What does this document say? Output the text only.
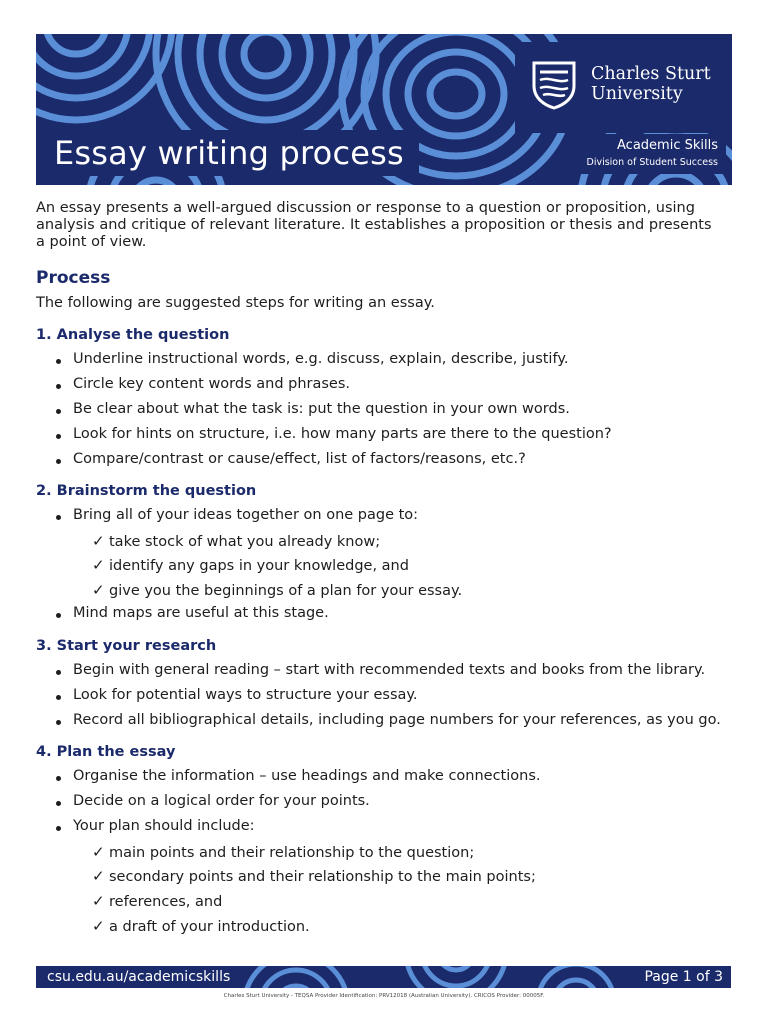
Charles Sturt
University
Essay writing process	Academic Skills
Division of Student Success

An essay presents a well-argued discussion or response to a question or proposition, using analysis and critique of relevant literature. It establishes a proposition or thesis and presents a point of view.

Process

The following are suggested steps for writing an essay.

1. Analyse the question

Underline instructional words, e.g. discuss, explain, describe, justify.

Circle key content words and phrases.

Be clear about what the task is: put the question in your own words.

Look for hints on structure, i.e. how many parts are there to the question?

Compare/contrast or cause/effect, list of factors/reasons, etc.?

2. Brainstorm the question

Bring all of your ideas together on one page to:

✓ take stock of what you already know;

✓ identify any gaps in your knowledge, and

✓ give you the beginnings of a plan for your essay.

Mind maps are useful at this stage.

3. Start your research

Begin with general reading – start with recommended texts and books from the library.

Look for potential ways to structure your essay.

Record all bibliographical details, including page numbers for your references, as you go.

4. Plan the essay

Organise the information – use headings and make connections.

Decide on a logical order for your points.

Your plan should include:

✓ main points and their relationship to the question;

✓ secondary points and their relationship to the main points;

✓ references, and

✓ a draft of your introduction.

csu.edu.au/academicskills	Page 1 of 3
Charles Sturt University - TEQSA Provider Identification: PRV12018 (Australian University). CRICOS Provider: 00005F.
